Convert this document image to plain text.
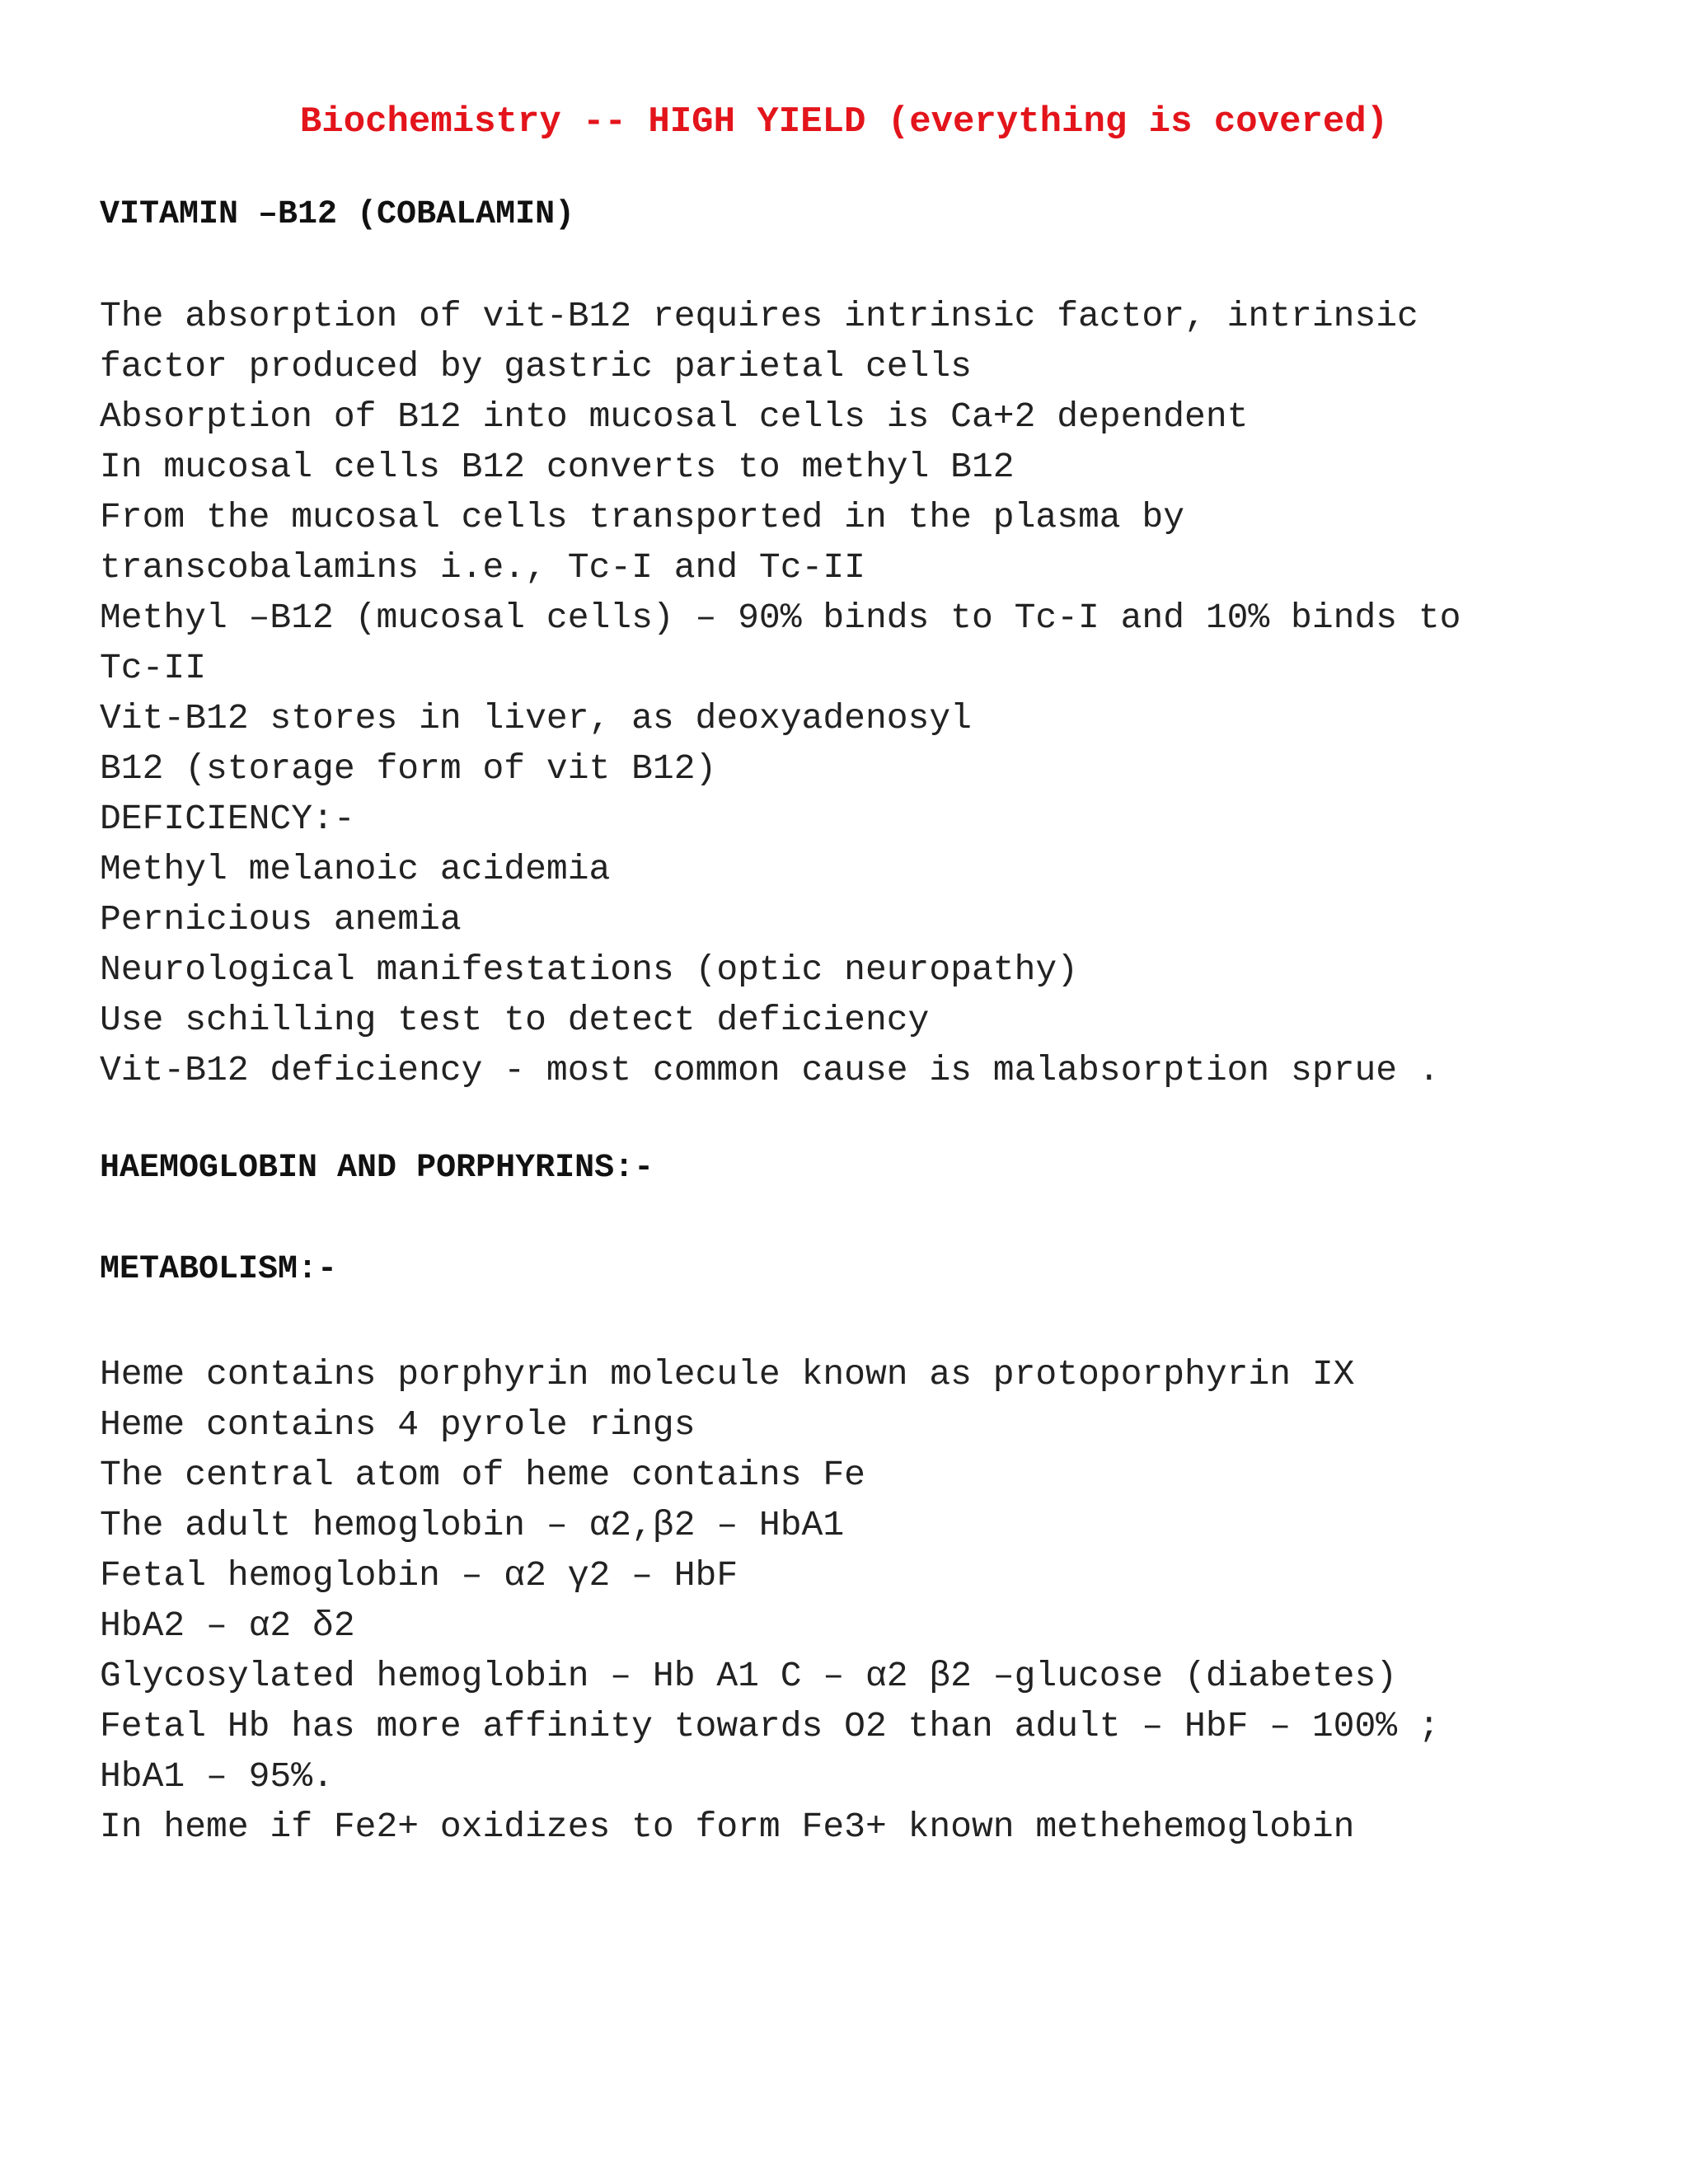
Biochemistry -- HIGH YIELD (everything is covered)
VITAMIN –B12 (COBALAMIN)
The absorption of vit-B12 requires intrinsic factor, intrinsic
factor produced by gastric parietal cells
Absorption of B12 into mucosal cells is Ca+2 dependent
In mucosal cells B12 converts to methyl B12
From the mucosal cells transported in the plasma by
transcobalamins i.e., Tc-I and Tc-II
Methyl –B12 (mucosal cells) – 90% binds to Tc-I and 10% binds to
Tc-II
Vit-B12 stores in liver, as deoxyadenosyl
B12 (storage form of vit B12)
DEFICIENCY:-
Methyl melanoic acidemia
Pernicious anemia
Neurological manifestations (optic neuropathy)
Use schilling test to detect deficiency
Vit-B12 deficiency - most common cause is malabsorption sprue .
HAEMOGLOBIN AND PORPHYRINS:-
METABOLISM:-
Heme contains porphyrin molecule known as protoporphyrin IX
Heme contains 4 pyrole rings
The central atom of heme contains Fe
The adult hemoglobin – α2,β2 – HbA1
Fetal hemoglobin – α2 γ2 – HbF
HbA2 – α2 δ2
Glycosylated hemoglobin – Hb A1 C – α2 β2 –glucose (diabetes)
Fetal Hb has more affinity towards O2 than adult – HbF – 100% ;
HbA1 – 95%.
In heme if Fe2+ oxidizes to form Fe3+ known methehemoglobin
